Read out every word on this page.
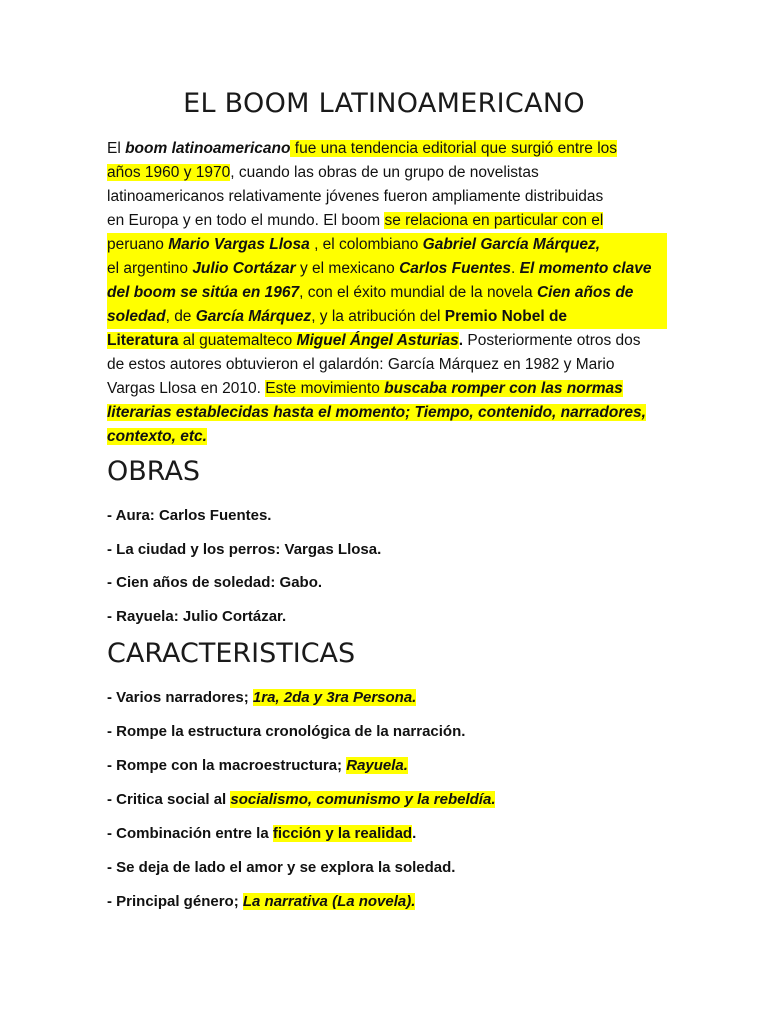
EL BOOM LATINOAMERICANO
El boom latinoamericano fue una tendencia editorial que surgió entre los
años 1960 y 1970, cuando las obras de un grupo de novelistas
latinoamericanos relativamente jóvenes fueron ampliamente distribuidas
en Europa y en todo el mundo. El boom se relaciona en particular con el
peruano Mario Vargas Llosa , el colombiano Gabriel García Márquez,
el argentino Julio Cortázar y el mexicano Carlos Fuentes. El momento clave
del boom se sitúa en 1967, con el éxito mundial de la novela Cien años de
soledad, de García Márquez, y la atribución del Premio Nobel de
Literatura al guatemalteco Miguel Ángel Asturias. Posteriormente otros dos
de estos autores obtuvieron el galardón: García Márquez en 1982 y Mario
Vargas Llosa en 2010. Este movimiento buscaba romper con las normas
literarias establecidas hasta el momento; Tiempo, contenido, narradores,
contexto, etc.
OBRAS
- Aura: Carlos Fuentes.
- La ciudad y los perros: Vargas Llosa.
- Cien años de soledad: Gabo.
- Rayuela: Julio Cortázar.
CARACTERISTICAS
- Varios narradores; 1ra, 2da y 3ra Persona.
- Rompe la estructura cronológica de la narración.
- Rompe con la macroestructura; Rayuela.
- Critica social al socialismo, comunismo y la rebeldía.
- Combinación entre la ficción y la realidad.
- Se deja de lado el amor y se explora la soledad.
- Principal género; La narrativa (La novela).
